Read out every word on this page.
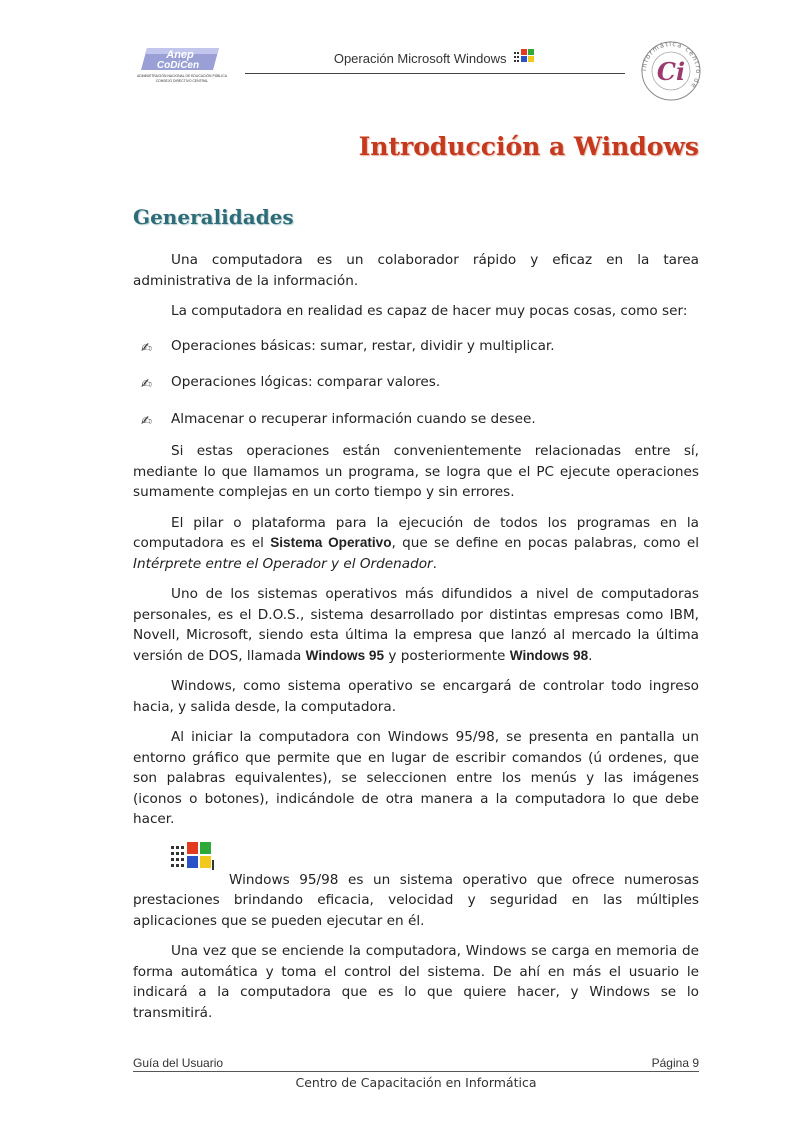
Anep
CoDiCen
ADMINISTRACIÓN NACIONAL DE EDUCACIÓN PÚBLICA
CONSEJO DIRECTIVO CENTRAL
Operación Microsoft Windows
informática centro de
Ci
Introducción a Windows
Generalidades

Una computadora es un colaborador rápido y eficaz en la tarea administrativa de la información.

La computadora en realidad es capaz de hacer muy pocas cosas, como ser:

✍ Operaciones básicas: sumar, restar, dividir y multiplicar.
✍ Operaciones lógicas: comparar valores.
✍ Almacenar o recuperar información cuando se desee.

Si estas operaciones están convenientemente relacionadas entre sí, mediante lo que llamamos un programa, se logra que el PC ejecute operaciones sumamente complejas en un corto tiempo y sin errores.

El pilar o plataforma para la ejecución de todos los programas en la computadora es el Sistema Operativo, que se define en pocas palabras, como el Intérprete entre el Operador y el Ordenador.

Uno de los sistemas operativos más difundidos a nivel de computadoras personales, es el D.O.S., sistema desarrollado por distintas empresas como IBM, Novell, Microsoft, siendo esta última la empresa que lanzó al mercado la última versión de DOS, llamada Windows 95 y posteriormente Windows 98.

Windows, como sistema operativo se encargará de controlar todo ingreso hacia, y salida desde, la computadora.

Al iniciar la computadora con Windows 95/98, se presenta en pantalla un entorno gráfico que permite que en lugar de escribir comandos (ú ordenes, que son palabras equivalentes), se seleccionen entre los menús y las imágenes (iconos o botones), indicándole de otra manera a la computadora lo que debe hacer.

Windows 95/98 es un sistema operativo que ofrece numerosas prestaciones brindando eficacia, velocidad y seguridad en las múltiples aplicaciones que se pueden ejecutar en él.

Una vez que se enciende la computadora, Windows se carga en memoria de forma automática y toma el control del sistema. De ahí en más el usuario le indicará a la computadora que es lo que quiere hacer, y Windows se lo transmitirá.

Guía del Usuario	Página 9
Centro de Capacitación en Informática
